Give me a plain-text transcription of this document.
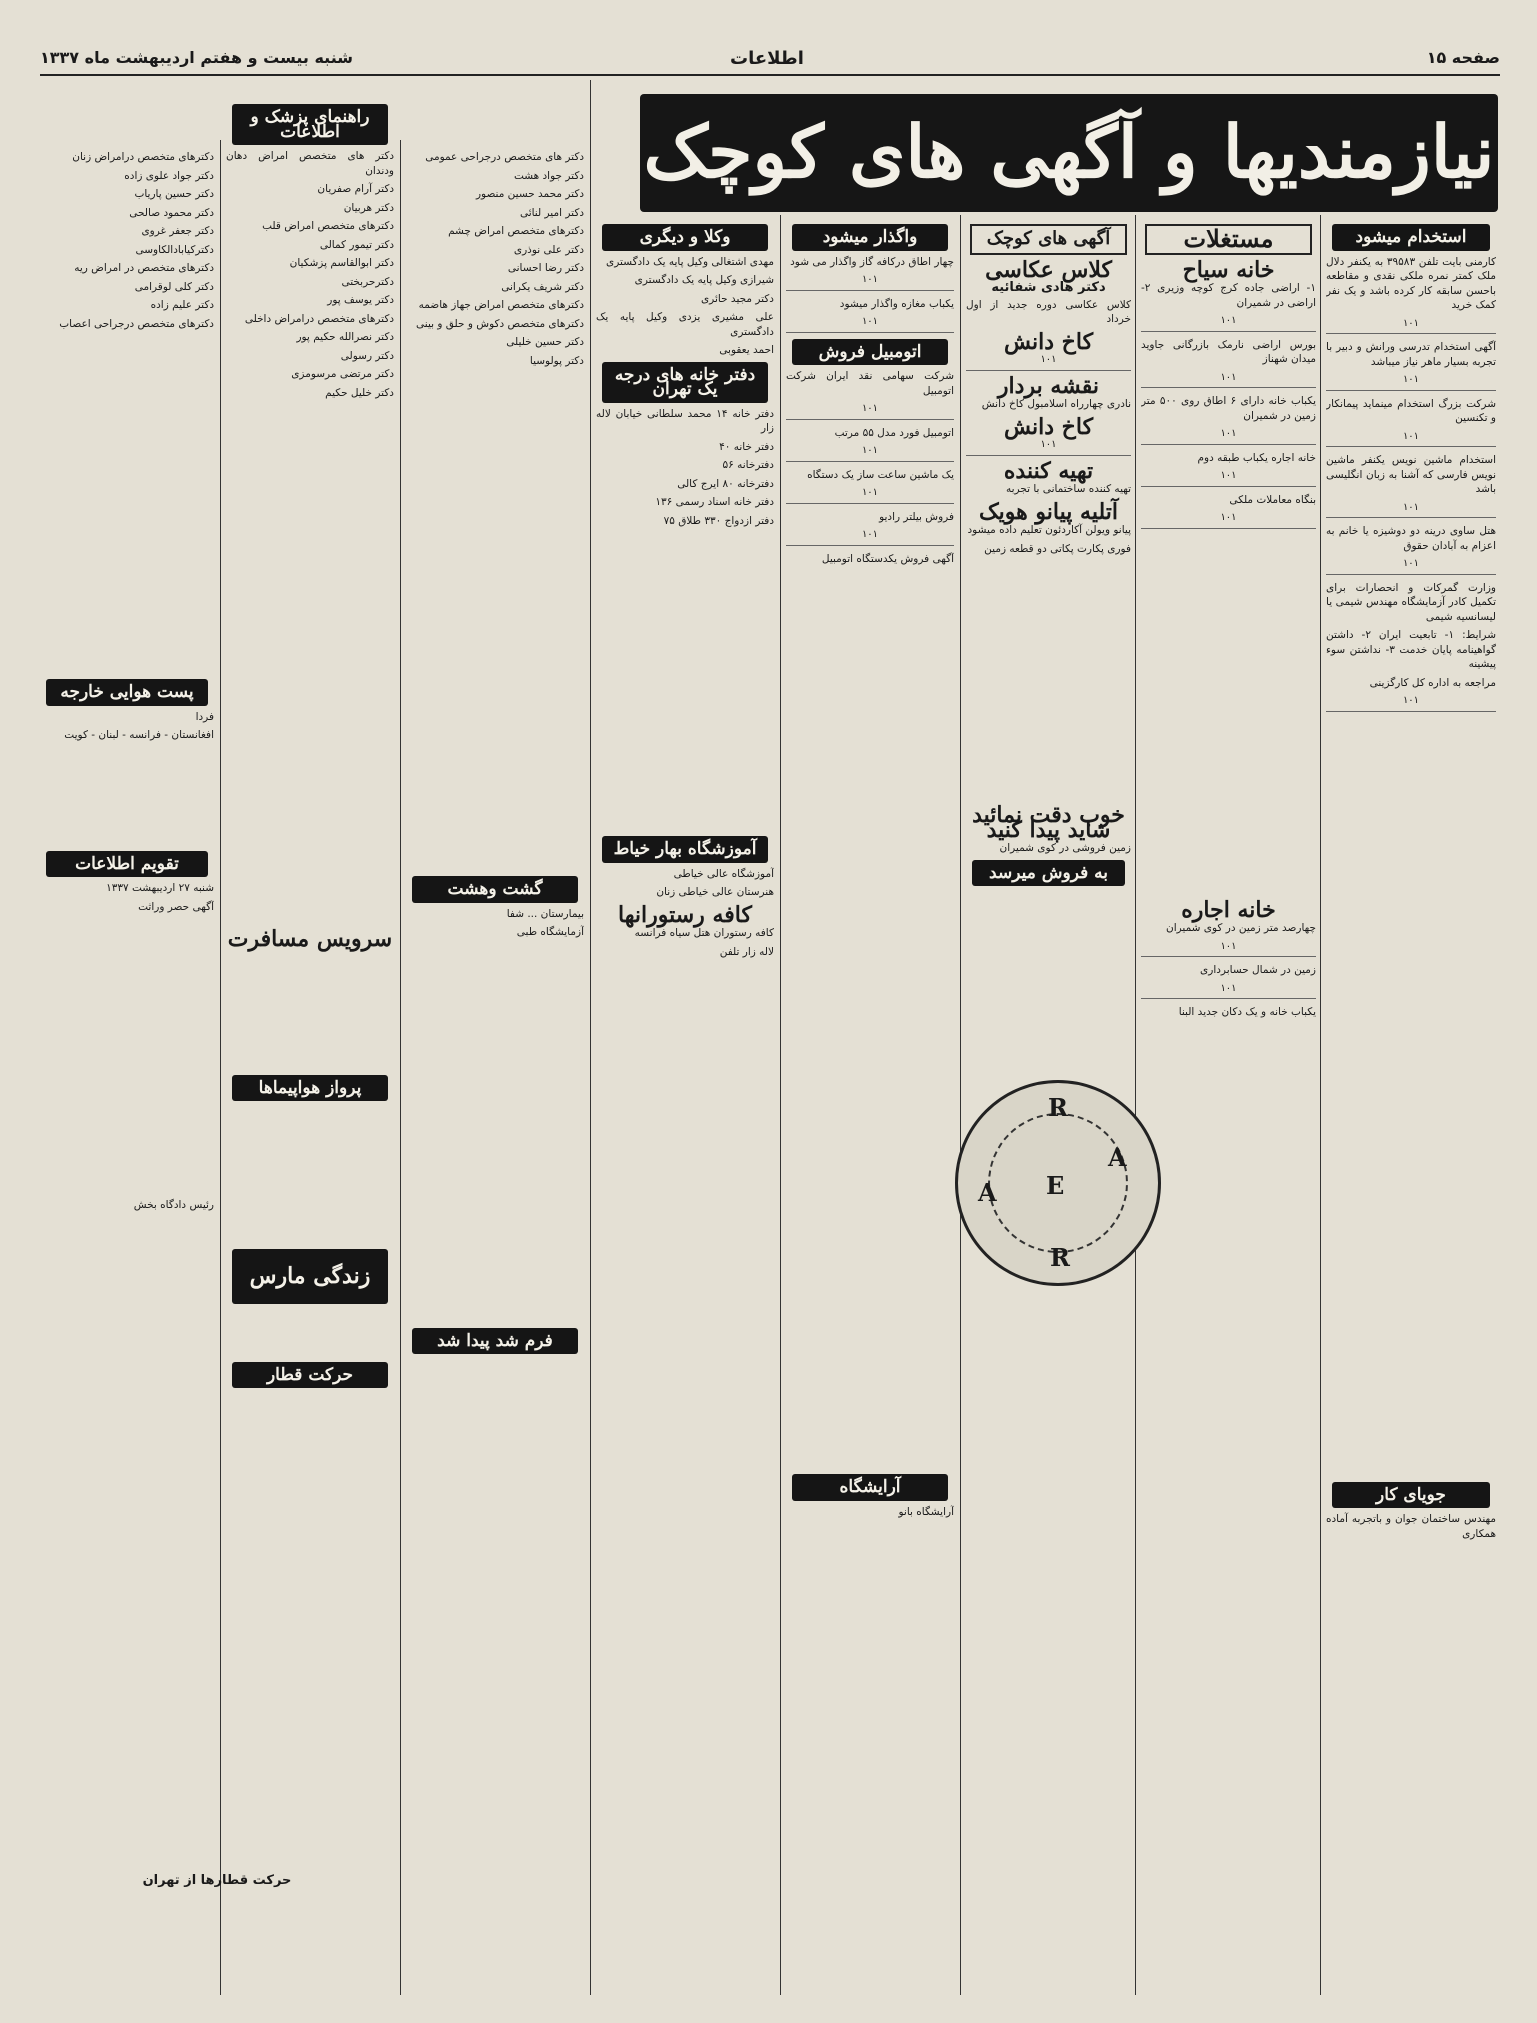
صفحه ۱۵
اطلاعات
شنبه بیست و هفتم اردیبهشت ماه ۱۳۳۷
نیازمندیها و آگهی های کوچک
استخدام میشود

کارمنی بایت تلفن ۳۹۵۸۳ به یکنفر دلال ملک کمتر نمره ملکی نقدی و مقاطعه باحسن سابقه کار کرده باشد و یک نفر کمک خرید

۱۰۱

آگهی استخدام تدرسی ورانش و دبیر با تجربه بسیار ماهر نیاز میباشد

۱۰۱

شرکت بزرگ استخدام مینماید پیمانکار و تکنسین

۱۰۱

استخدام ماشین نویس یکنفر ماشین نویس فارسی که آشنا به زبان انگلیسی باشد

۱۰۱

هتل ساوی درینه دو دوشیزه یا خانم به اعزام به آبادان حقوق

۱۰۱

وزارت گمرکات و انحصارات برای تکمیل کادر آزمایشگاه مهندس شیمی یا لیسانسیه شیمی

شرایط: ۱- تابعیت ایران ۲- داشتن گواهینامه پایان خدمت ۳- نداشتن سوء پیشینه

مراجعه به اداره کل کارگزینی

۱۰۱
جویای کار

مهندس ساختمان جوان و باتجربه آماده همکاری

مستغلات
خانه سیاح

۱- اراضی جاده کرج کوچه وزیری ۲- اراضی در شمیران

۱۰۱

بورس اراضی نارمک بازرگانی جاوید میدان شهناز

۱۰۱

یکباب خانه دارای ۶ اطاق روی ۵۰۰ متر زمین در شمیران

۱۰۱

خانه اجاره یکباب طبقه دوم

۱۰۱

بنگاه معاملات ملکی

۱۰۱
خانه اجاره

چهارصد متر زمین در کوی شمیران

۱۰۱

زمین در شمال حسابرداری

۱۰۱

یکباب خانه و یک دکان جدید البنا

آگهی های کوچک
کلاس عکاسی
دکتر هادی شفائیه

کلاس عکاسی دوره جدید از اول خرداد

کاخ دانش
۱۰۱
نقشه بردار

نادری چهارراه اسلامبول کاخ دانش

کاخ دانش
۱۰۱
تهیه کننده

تهیه کننده ساختمانی با تجربه

آتلیه پیانو هویک

پیانو ویولن آکاردئون تعلیم داده میشود

فوری پکارت پکاتی دو قطعه زمین

خوب دقت نمائید شاید پیدا کنید

زمین فروشی در کوی شمیران

به فروش میرسد
R
A
E
A
R
واگذار میشود

چهار اطاق درکافه گاز واگذار می شود

۱۰۱

یکباب مغازه واگذار میشود

۱۰۱
اتومبیل فروش

شرکت سهامی نقد ایران شرکت اتومبیل

۱۰۱

اتومبیل فورد مدل ۵۵ مرتب

۱۰۱

یک ماشین ساعت ساز یک دستگاه

۱۰۱

فروش بیلتر رادیو

۱۰۱

آگهی فروش یکدستگاه اتومبیل

آرایشگاه

آرایشگاه بانو

وکلا و دیگری

مهدی اشتغالی وکیل پایه یک دادگستری

شیرازی وکیل پایه یک دادگستری

دکتر مجید حائری

علی مشیری یزدی وکیل پایه یک دادگستری

احمد یعقوبی

دفتر خانه های درجه یک تهران

دفتر خانه ۱۴ محمد سلطانی خیابان لاله زار

دفتر خانه ۴۰

دفترخانه ۵۶

دفترخانه ۸۰ ایرج کالی

دفتر خانه اسناد رسمی ۱۳۶

دفتر ازدواج ۳۳۰ طلاق ۷۵

آموزشگاه بهار خیاط

آموزشگاه عالی خیاطی

هنرستان عالی خیاطی زنان

کافه رستورانها

کافه رستوران هتل سیاه فرانسه

لاله زار تلفن

دکتر های متخصص درجراحی عمومی

دکتر جواد هشت

دکتر محمد حسین منصور

دکتر امیر لنائی

دکترهای متخصص امراض چشم

دکتر علی نوذری

دکتر رضا احسانی

دکتر شریف یکرانی

دکترهای متخصص امراض جهاز هاضمه

دکترهای متخصص دکوش و حلق و بینی

دکتر حسین خلیلی

دکتر پولوسیا

گشت وهشت

بیمارستان ... شفا

آزمایشگاه طبی

فرم شد پیدا شد
راهنمای پزشک و اطلاعات

دکتر های متخصص امراض دهان ودندان

دکتر آرام صفریان

دکتر هربیان

دکترهای متخصص امراض قلب

دکتر تیمور کمالی

دکتر ابوالقاسم پزشکیان

دکترحربختی

دکتر یوسف پور

دکترهای متخصص درامراض داخلی

دکتر نصرالله حکیم پور

دکتر رسولی

دکتر مرتضی مرسومزی

دکتر خلیل حکیم

سرویس مسافرت
پرواز هواپیماها
زندگی مارس
حرکت قطار

دکترهای متخصص درامراض زنان

دکتر جواد علوی زاده

دکتر حسین پاریاب

دکتر محمود صالحی

دکتر جعفر غروی

دکترکیابادالکاوسی

دکترهای متخصص در امراض ریه

دکتر کلی لوقرامی

دکتر علیم زاده

دکترهای متخصص درجراحی اعصاب

پست هوایی خارجه

فردا

افغانستان - فرانسه - لبنان - کویت

تقویم اطلاعات

شنبه ۲۷ اردیبهشت ۱۳۳۷

آگهی حصر وراثت

رئیس دادگاه بخش

حرکت قطارها از تهران
